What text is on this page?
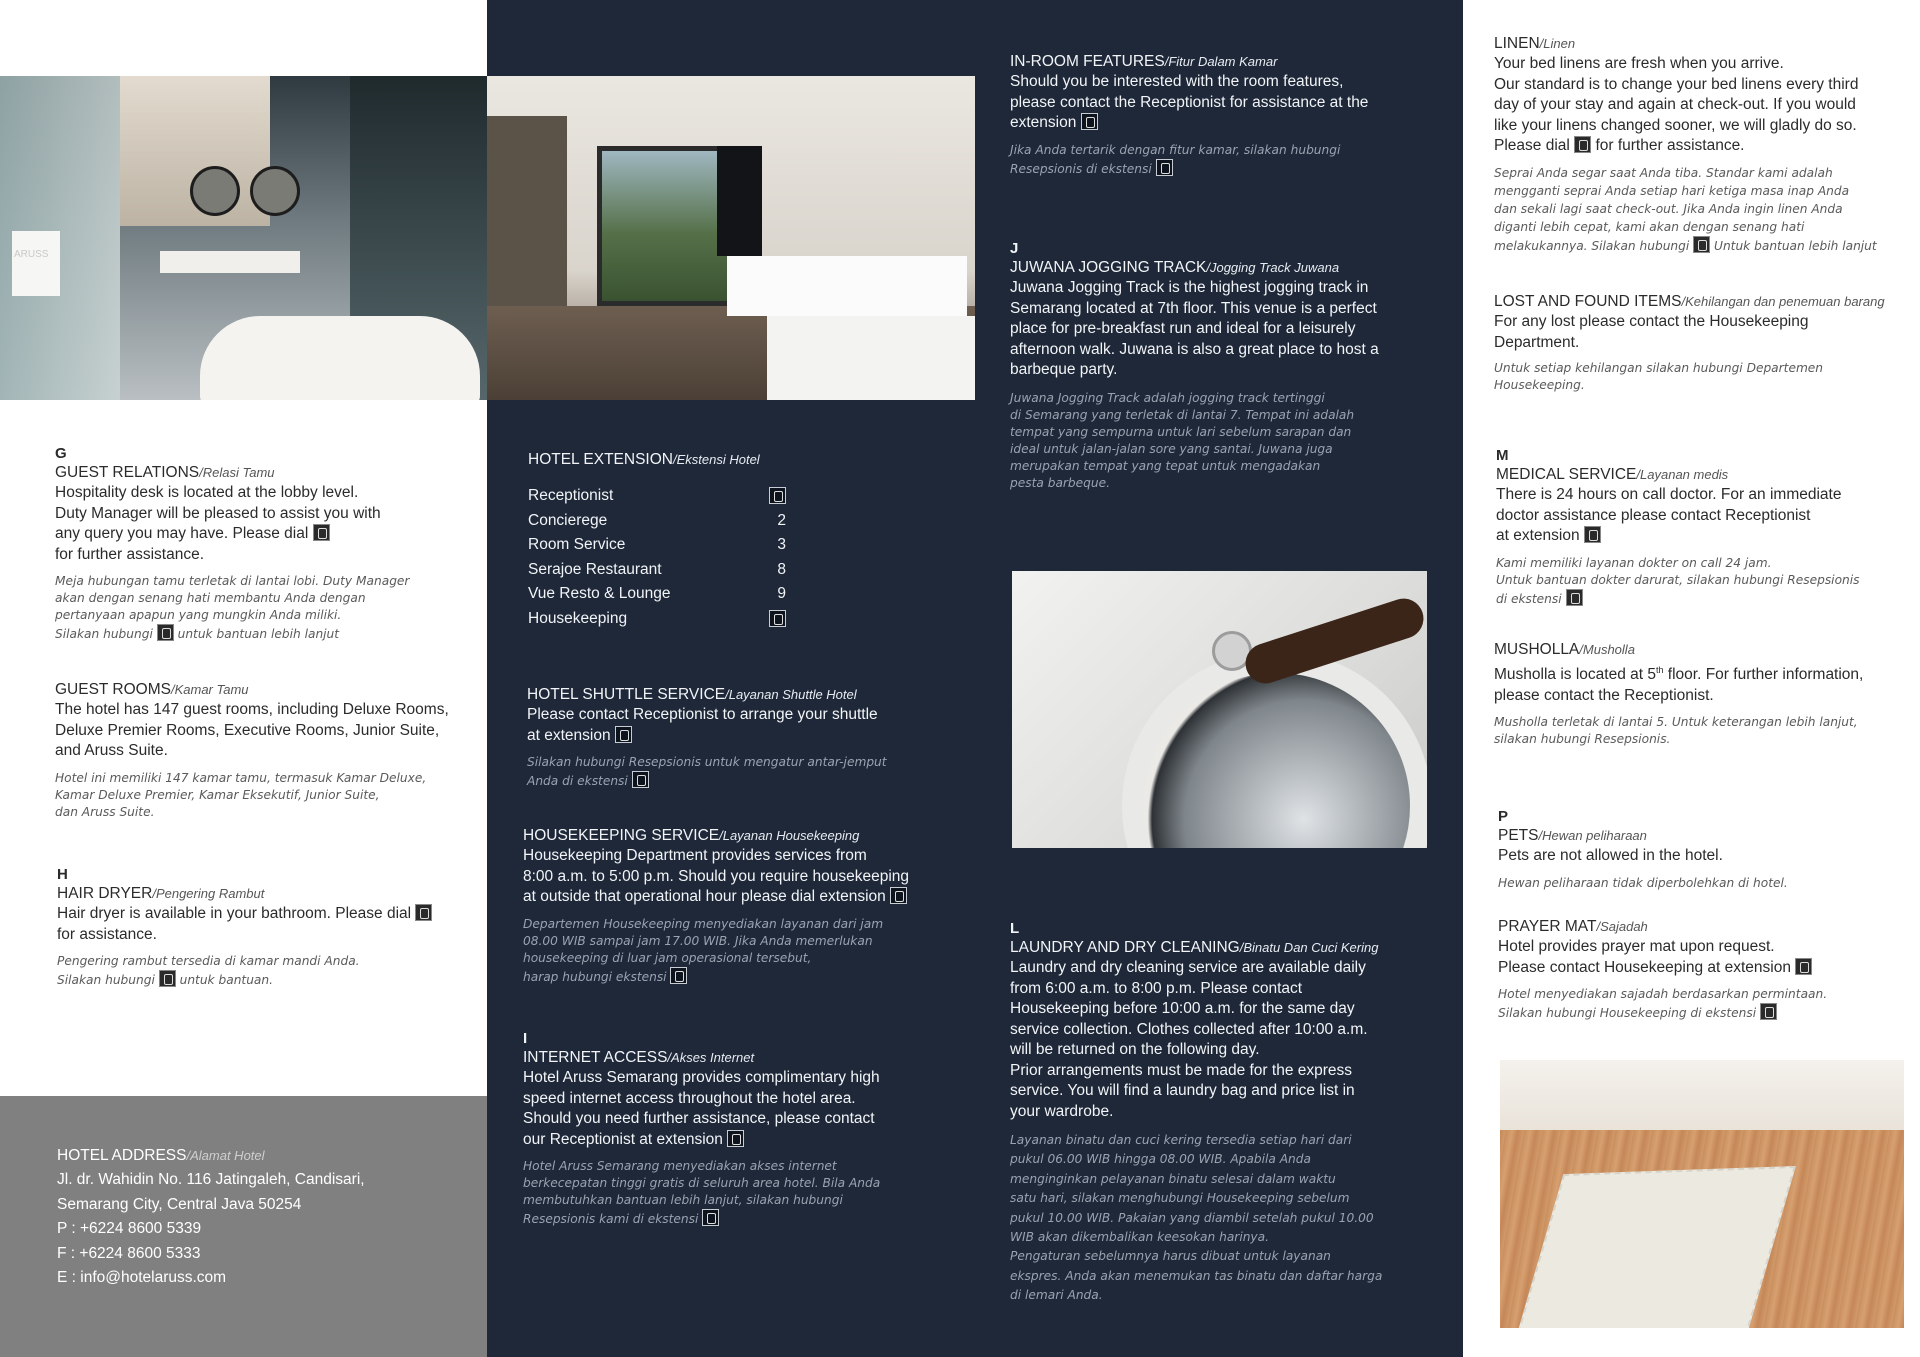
ARUSS
G
GUEST RELATIONS/Relasi Tamu
Hospitality desk is located at the lobby level.
Duty Manager will be pleased to assist you with
any query you may have. Please dial
for further assistance.
Meja hubungan tamu terletak di lantai lobi. Duty Manager
akan dengan senang hati membantu Anda dengan
pertanyaan apapun yang mungkin Anda miliki.
Silakan hubungi untuk bantuan lebih lanjut
GUEST ROOMS/Kamar Tamu
The hotel has 147 guest rooms, including Deluxe Rooms,
Deluxe Premier Rooms, Executive Rooms, Junior Suite,
and Aruss Suite.
Hotel ini memiliki 147 kamar tamu, termasuk Kamar Deluxe,
Kamar Deluxe Premier, Kamar Eksekutif, Junior Suite,
dan Aruss Suite.
H
HAIR DRYER/Pengering Rambut
Hair dryer is available in your bathroom. Please dial
for assistance.
Pengering rambut tersedia di kamar mandi Anda.
Silakan hubungi untuk bantuan.
HOTEL ADDRESS/Alamat Hotel
Jl. dr. Wahidin No. 116 Jatingaleh, Candisari,
Semarang City, Central Java 50254
P : +6224 8600 5339
F : +6224 8600 5333
E : info@hotelaruss.com
HOTEL EXTENSION/Ekstensi Hotel
Receptionist
Concierege	2
Room Service	3
Serajoe Restaurant	8
Vue Resto & Lounge	9
Housekeeping
HOTEL SHUTTLE SERVICE/Layanan Shuttle Hotel
Please contact Receptionist to arrange your shuttle
at extension
Silakan hubungi Resepsionis untuk mengatur antar-jemput
Anda di ekstensi
HOUSEKEEPING SERVICE/Layanan Housekeeping
Housekeeping Department provides services from
8:00 a.m. to 5:00 p.m. Should you require housekeeping
at outside that operational hour please dial extension
Departemen Housekeeping menyediakan layanan dari jam
08.00 WIB sampai jam 17.00 WIB. Jika Anda memerlukan
housekeeping di luar jam operasional tersebut,
harap hubungi ekstensi
I
INTERNET ACCESS/Akses Internet
Hotel Aruss Semarang provides complimentary high
speed internet access throughout the hotel area.
Should you need further assistance, please contact
our Receptionist at extension
Hotel Aruss Semarang menyediakan akses internet
berkecepatan tinggi gratis di seluruh area hotel. Bila Anda
membutuhkan bantuan lebih lanjut, silakan hubungi
Resepsionis kami di ekstensi
IN-ROOM FEATURES/Fitur Dalam Kamar
Should you be interested with the room features,
please contact the Receptionist for assistance at the
extension
Jika Anda tertarik dengan fitur kamar, silakan hubungi
Resepsionis di ekstensi
J
JUWANA JOGGING TRACK/Jogging Track Juwana
Juwana Jogging Track is the highest jogging track in
Semarang located at 7th floor. This venue is a perfect
place for pre-breakfast run and ideal for a leisurely
afternoon walk. Juwana is also a great place to host a
barbeque party.
Juwana Jogging Track adalah jogging track tertinggi
di Semarang yang terletak di lantai 7. Tempat ini adalah
tempat yang sempurna untuk lari sebelum sarapan dan
ideal untuk jalan-jalan sore yang santai. Juwana juga
merupakan tempat yang tepat untuk mengadakan
pesta barbeque.
L
LAUNDRY AND DRY CLEANING/Binatu Dan Cuci Kering
Laundry and dry cleaning service are available daily
from 6:00 a.m. to 8:00 p.m. Please contact
Housekeeping before 10:00 a.m. for the same day
service collection. Clothes collected after 10:00 a.m.
will be returned on the following day.
Prior arrangements must be made for the express
service. You will find a laundry bag and price list in
your wardrobe.
Layanan binatu dan cuci kering tersedia setiap hari dari
pukul 06.00 WIB hingga 08.00 WIB. Apabila Anda
menginginkan pelayanan binatu selesai dalam waktu
satu hari, silakan menghubungi Housekeeping sebelum
pukul 10.00 WIB. Pakaian yang diambil setelah pukul 10.00
WIB akan dikembalikan keesokan harinya.
Pengaturan sebelumnya harus dibuat untuk layanan
ekspres. Anda akan menemukan tas binatu dan daftar harga
di lemari Anda.
LINEN/Linen
Your bed linens are fresh when you arrive.
Our standard is to change your bed linens every third
day of your stay and again at check-out. If you would
like your linens changed sooner, we will gladly do so.
Please dial for further assistance.
Seprai Anda segar saat Anda tiba. Standar kami adalah
mengganti seprai Anda setiap hari ketiga masa inap Anda
dan sekali lagi saat check-out. Jika Anda ingin linen Anda
diganti lebih cepat, kami akan dengan senang hati
melakukannya. Silakan hubungi Untuk bantuan lebih lanjut
LOST AND FOUND ITEMS/Kehilangan dan penemuan barang
For any lost please contact the Housekeeping
Department.
Untuk setiap kehilangan silakan hubungi Departemen
Housekeeping.
M
MEDICAL SERVICE/Layanan medis
There is 24 hours on call doctor. For an immediate
doctor assistance please contact Receptionist
at extension
Kami memiliki layanan dokter on call 24 jam.
Untuk bantuan dokter darurat, silakan hubungi Resepsionis
di ekstensi
MUSHOLLA/Musholla
Musholla is located at 5th floor. For further information,
please contact the Receptionist.
Musholla terletak di lantai 5. Untuk keterangan lebih lanjut,
silakan hubungi Resepsionis.
P
PETS/Hewan peliharaan
Pets are not allowed in the hotel.
Hewan peliharaan tidak diperbolehkan di hotel.
PRAYER MAT/Sajadah
Hotel provides prayer mat upon request.
Please contact Housekeeping at extension
Hotel menyediakan sajadah berdasarkan permintaan.
Silakan hubungi Housekeeping di ekstensi
